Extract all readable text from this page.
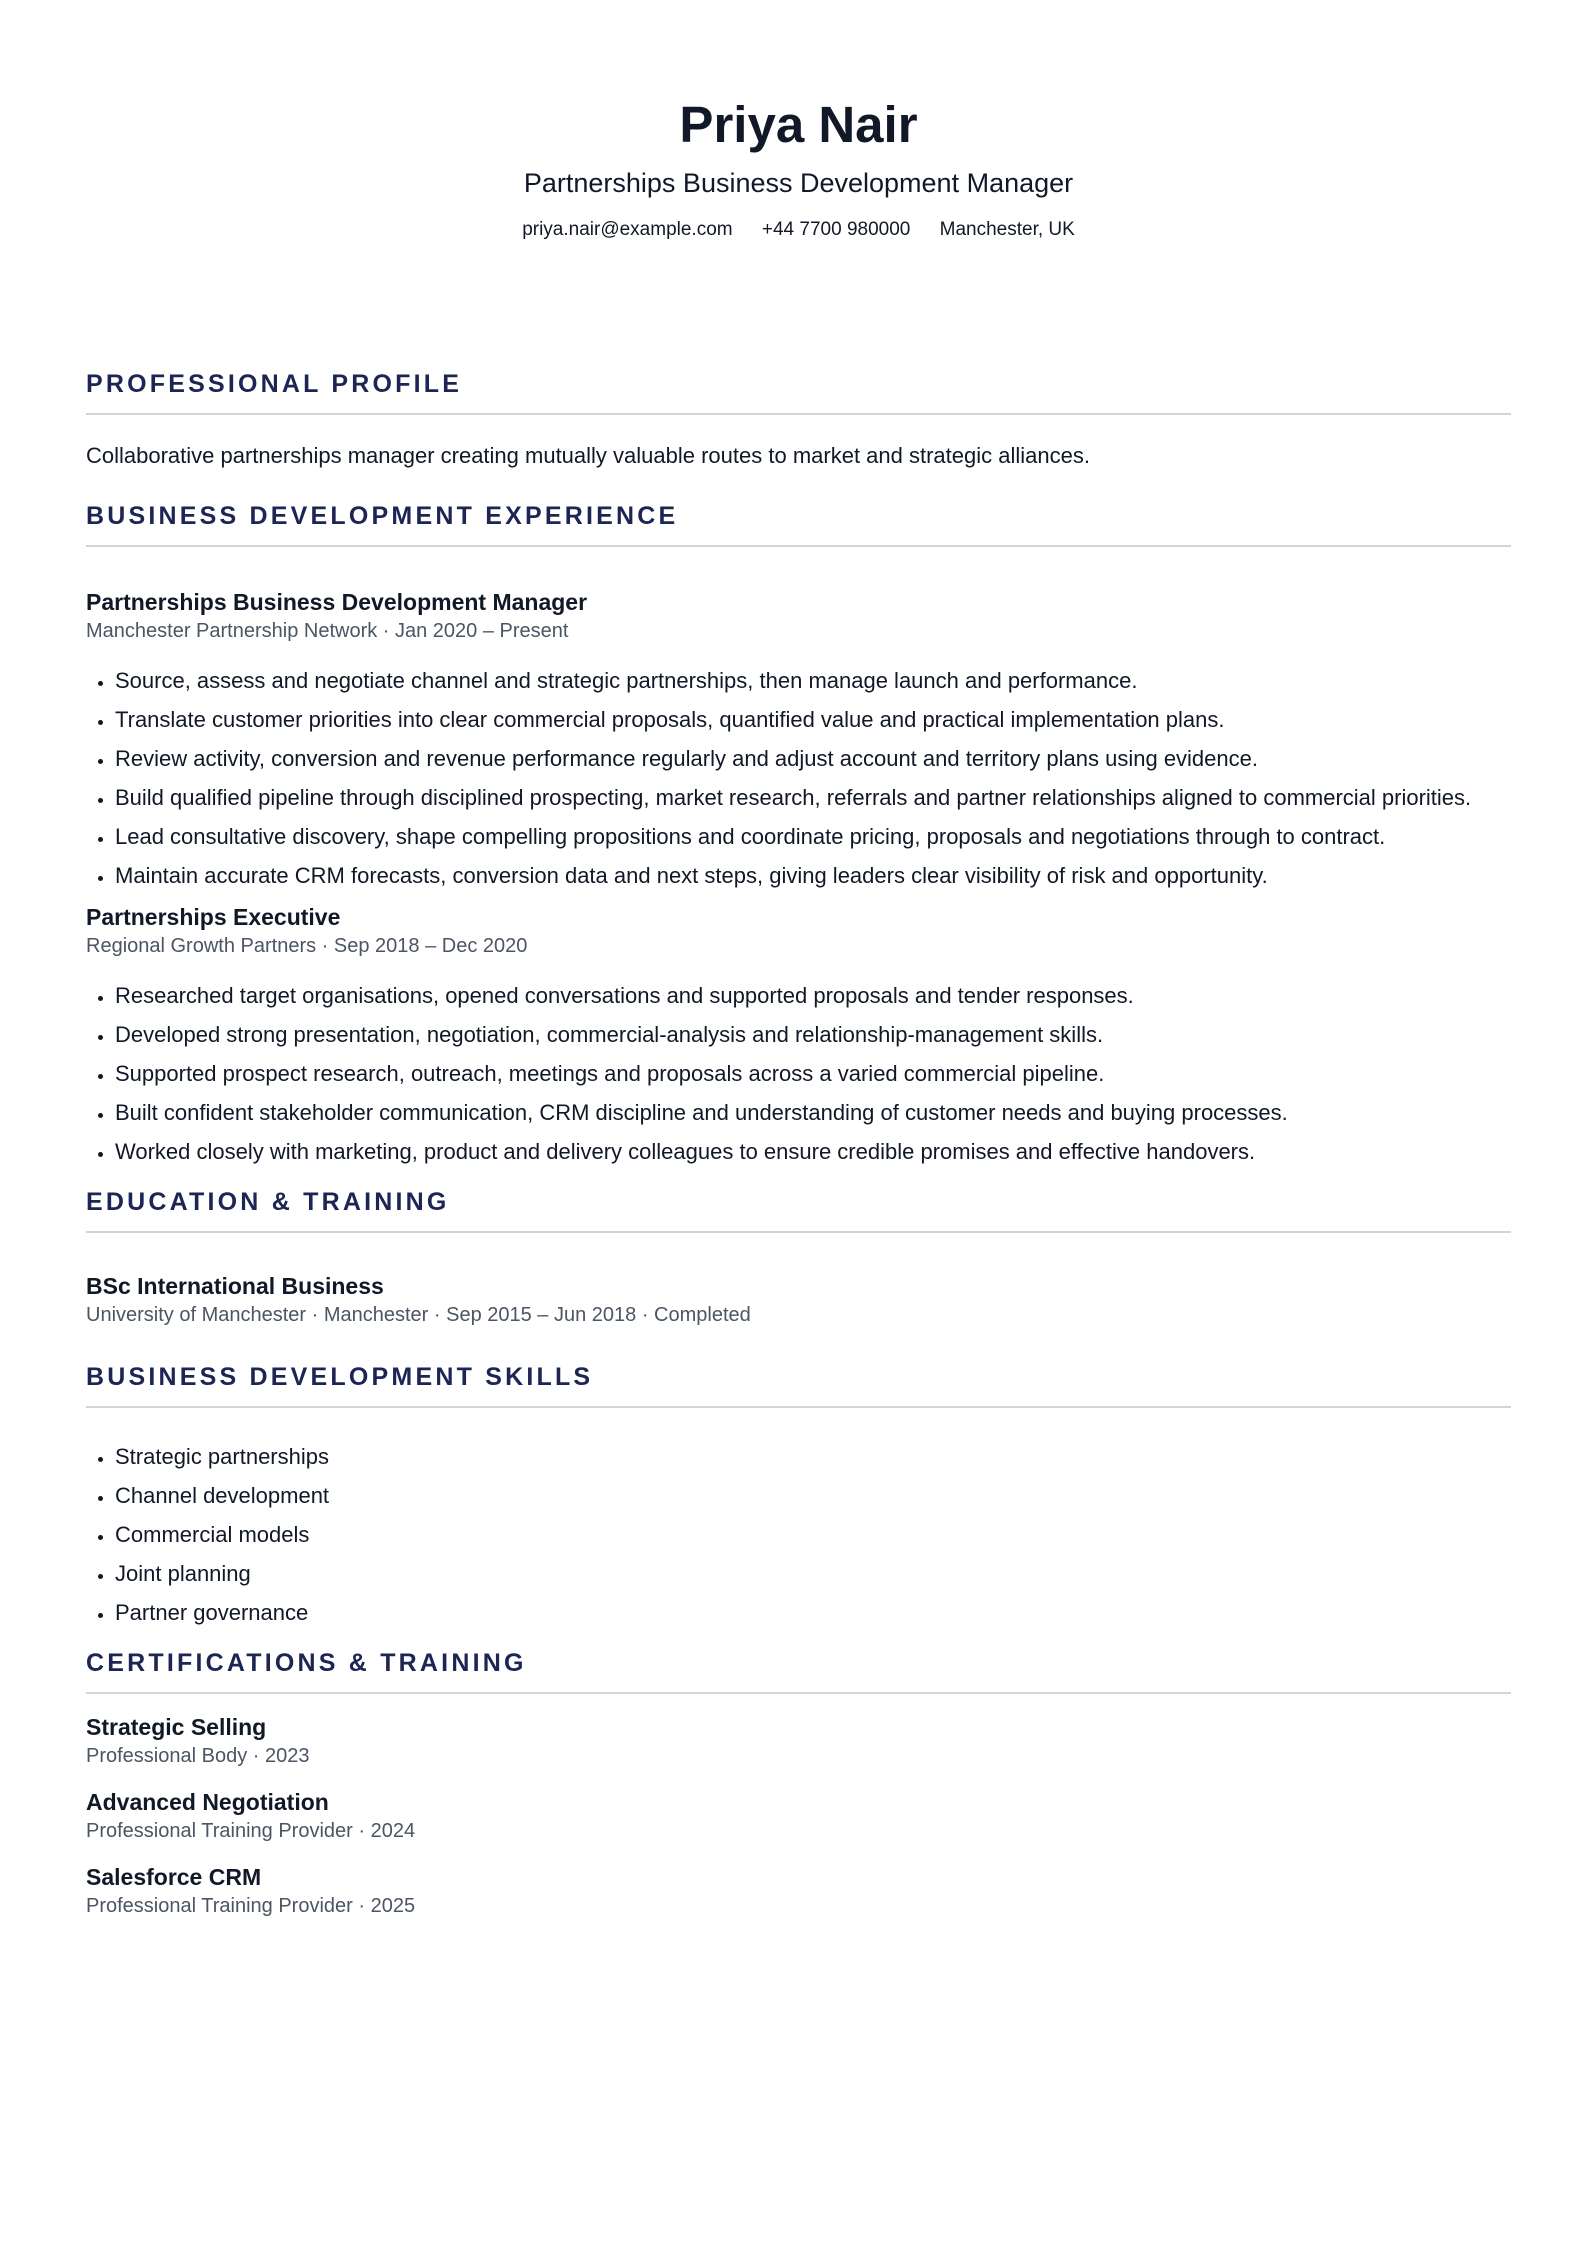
Priya Nair
Partnerships Business Development Manager
priya.nair@example.com +44 7700 980000 Manchester, UK
PROFESSIONAL PROFILE
Collaborative partnerships manager creating mutually valuable routes to market and strategic alliances.
BUSINESS DEVELOPMENT EXPERIENCE
Partnerships Business Development Manager
Manchester Partnership Network · Jan 2020 – Present
• Source, assess and negotiate channel and strategic partnerships, then manage launch and performance.
• Translate customer priorities into clear commercial proposals, quantified value and practical implementation plans.
• Review activity, conversion and revenue performance regularly and adjust account and territory plans using evidence.
• Build qualified pipeline through disciplined prospecting, market research, referrals and partner relationships aligned to commercial priorities.
• Lead consultative discovery, shape compelling propositions and coordinate pricing, proposals and negotiations through to contract.
• Maintain accurate CRM forecasts, conversion data and next steps, giving leaders clear visibility of risk and opportunity.
Partnerships Executive
Regional Growth Partners · Sep 2018 – Dec 2020
• Researched target organisations, opened conversations and supported proposals and tender responses.
• Developed strong presentation, negotiation, commercial-analysis and relationship-management skills.
• Supported prospect research, outreach, meetings and proposals across a varied commercial pipeline.
• Built confident stakeholder communication, CRM discipline and understanding of customer needs and buying processes.
• Worked closely with marketing, product and delivery colleagues to ensure credible promises and effective handovers.
EDUCATION & TRAINING
BSc International Business
University of Manchester · Manchester · Sep 2015 – Jun 2018 · Completed
BUSINESS DEVELOPMENT SKILLS
• Strategic partnerships
• Channel development
• Commercial models
• Joint planning
• Partner governance
CERTIFICATIONS & TRAINING
Strategic Selling
Professional Body · 2023
Advanced Negotiation
Professional Training Provider · 2024
Salesforce CRM
Professional Training Provider · 2025
